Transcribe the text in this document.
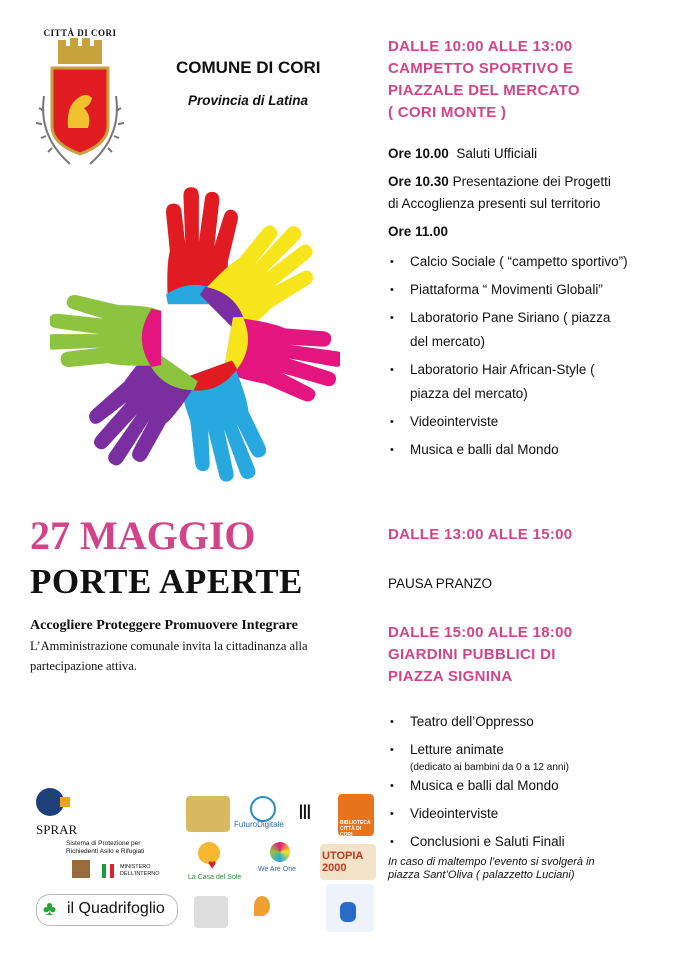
CITTÀ DI CORI
COMUNE DI CORI
Provincia di Latina
27 MAGGIO
PORTE APERTE
Accogliere Proteggere Promuovere Integrare
L’Amministrazione comunale invita la cittadinanza alla partecipazione attiva.
DALLE 10:00 ALLE 13:00
CAMPETTO SPORTIVO E
PIAZZALE DEL MERCATO
( CORI MONTE )
Ore 10.00 Saluti Ufficiali
Ore 10.30 Presentazione dei Progetti
di Accoglienza presenti sul territorio
Ore 11.00
• Calcio Sociale ( “campetto sportivo”)
• Piattaforma “ Movimenti Globali”
• Laboratorio Pane Siriano ( piazza del mercato)
• Laboratorio Hair African-Style ( piazza del mercato)
• Videointerviste
• Musica e balli dal Mondo
DALLE 13:00 ALLE 15:00
PAUSA PRANZO
DALLE 15:00 ALLE 18:00
GIARDINI PUBBLICI DI
PIAZZA SIGNINA
• Teatro dell’Oppresso
• Letture animate
(dedicato ai bambini da 0 a 12 anni)
• Musica e balli dal Mondo
• Videointerviste
• Conclusioni e Saluti Finali
In caso di maltempo l’evento si svolgerà in piazza Sant’Oliva ( palazzetto Luciani)
SPRAR
Sistema di Protezione per Richiedenti Asilo e Rifugiati
MINISTERO DELL'INTERNO
♣ il Quadrifoglio
FuturoDigitale
Ⅲ	BIBLIOTECA CITTÀ DI CORI
♥
La Casa del Sole
We Are One
UTOPIA 2000
